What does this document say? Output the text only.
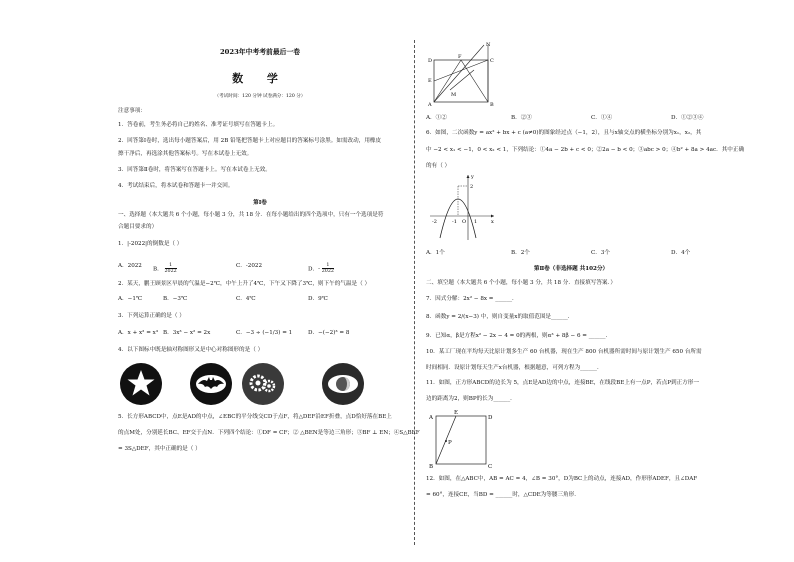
2023年中考考前最后一卷
数 学
（考试时间：120 分钟 试卷满分：120 分）
注意事项：
1．答卷前，考生务必将自己的姓名、准考证号填写在答题卡上。
2．回答第Ⅰ卷时，选出每小题答案后，用 2B 铅笔把答题卡上对应题目的答案标号涂黑。如需改动，用橡皮
擦干净后，再选涂其他答案标号。写在本试卷上无效。
3．回答第Ⅱ卷时，将答案写在答题卡上。写在本试卷上无效。
4．考试结束后，将本试卷和答题卡一并交回。
第Ⅰ卷
一、选择题（本大题共 6 个小题，每小题 3 分，共 18 分．在每小题给出的四个选项中，只有一个选项是符
合题目要求的）
1．|-2022|的倒数是（ ）
A．2022
B． $\frac{1}{2022}$	C．-2022
D．- $\frac{1}{2022}$
2．某天，鹏王顾景区早晨的气温是−2℃，中午上升了4℃，下午又下降了3℃，则下午的气温是（ ）
A．−1℃	B．−3℃	C．4℃	D．9℃
3．下列运算正确的是（ ）
A．x + x² = x³ B．3x³ − x² = 2x	C．−3 ÷ (−1/3) = 1	D．−(−2)³ = 8
4．以下图标中既是轴对称图形又是中心对称图形的是（ ）
5．长方形ABCD中，点E是AD的中点，∠EBC的平分线交CD于点F，将△DEF沿EF折叠，点D恰好落在BE上
的点M处，分别延长BC、EF交于点N．下列四个结论：①DF = CF；② △BEN是等边三角形；③BF ⊥ EN；④S△BEF
= 3S△DEF，其中正确的是（ ）
N
D
F
C
E
M
A	B
A．①②	B．②③	C．①④	D．①②③④
6．如图，二次函数y = ax² + bx + c (a≠0)的图象经过点（−1，2），且与x轴交点的横坐标分别为x₁，x₂，其
中 −2 < x₁ < −1，0 < x₂ < 1，下列结论：①4a − 2b + c < 0；②2a − b < 0；③abc > 0；④b² + 8a > 4ac．其中正确
的有（ ）
y
2
-2	-1 O 1	x
A．1个	B．2个	C．3个	D．4个
第Ⅱ卷（非选择题 共102分）
二、填空题（本大题共 6 个小题，每小题 3 分，共 18 分．直接填写答案．）
7．因式分解：2x² − 8x = ______．
8．函数y = 2/(x−3) 中，则自变量x的取值范围是______．
9．已知α，β是方程x² − 2x − 4 = 0的两根，则α³ + 8β − 6 = ______．
10．某工厂现在平均每天比原计划多生产 60 台机器，现在生产 800 台机器所需时间与原计划生产 650 台所需
时间相同．设原计划每天生产x台机器，根据题意，可列方程为______．
11．如图，正方形ABCD的边长为 5，点E是AD边的中点，连接BE，在线段BE上有一点P，若点P到正方形一
边的距离为2，则BP的长为______．
A
E
D
P
B	C
12．如图，在△ABC中，AB = AC = 4，∠B = 30°，D为BC上的动点，连接AD，作形形ADEF，且∠DAF
= 60°，连接CE，当BD = ______时，△CDE为等腰三角形．
